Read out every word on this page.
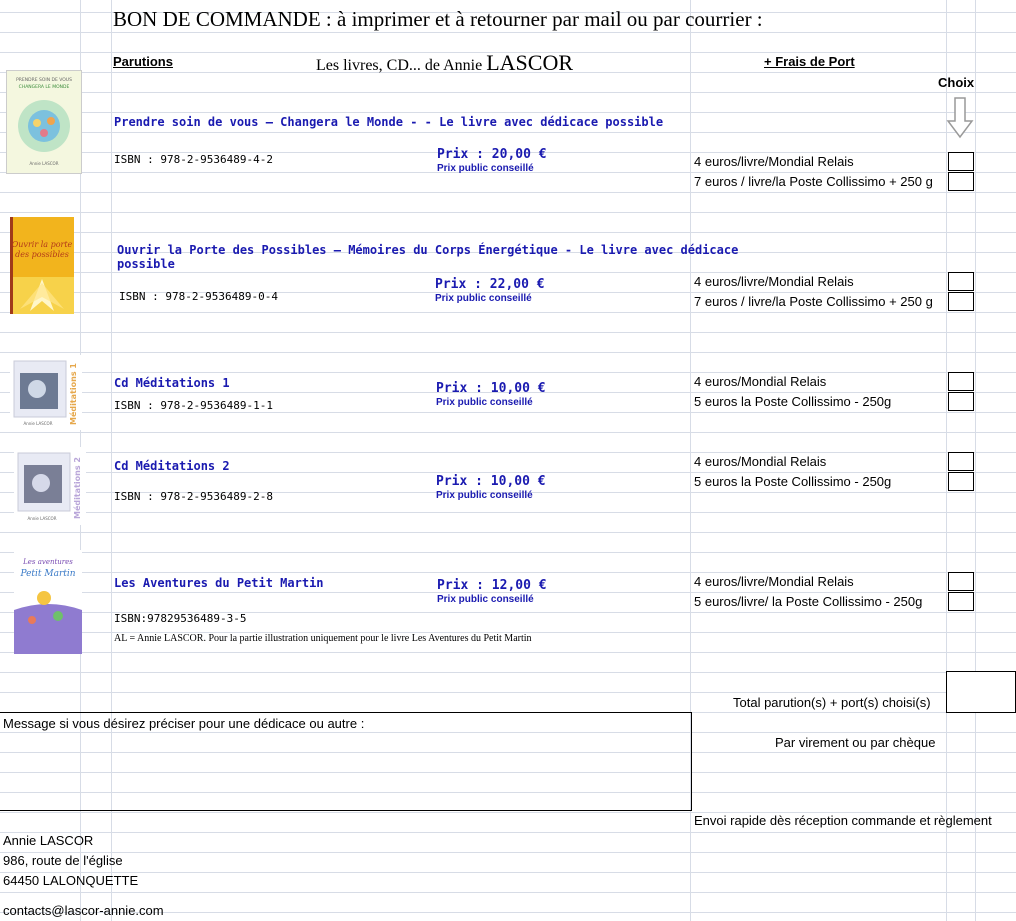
BON DE COMMANDE : à imprimer et à retourner par mail ou par courrier :
Parutions	Les livres, CD... de Annie LASCOR	+ Frais de Port
Choix
PRENDRE SOIN DE VOUS
CHANGERA LE MONDE
Annie LASCOR
Ouvrir la porte
des possibles
Méditations 1
Annie LASCOR
Méditations 2
Annie LASCOR
Les aventures
Petit Martin
Prendre soin de vous — Changera le Monde - - Le livre avec dédicace possible
ISBN : 978-2-9536489-4-2	Prix : 20,00 €
Prix public conseillé	4 euros/livre/Mondial Relais
7 euros / livre/la Poste Collissimo + 250 g
Ouvrir la Porte des Possibles — Mémoires du Corps Énergétique - Le livre avec dédicace
possible
ISBN : 978-2-9536489-0-4
Prix : 22,00 €
Prix public conseillé
4 euros/livre/Mondial Relais
7 euros / livre/la Poste Collissimo + 250 g
Cd Méditations 1
ISBN : 978-2-9536489-1-1
Prix : 10,00 €
Prix public conseillé
4 euros/Mondial Relais
5 euros la Poste Collissimo - 250g
Cd Méditations 2
ISBN : 978-2-9536489-2-8
Prix : 10,00 €
Prix public conseillé
4 euros/Mondial Relais
5 euros la Poste Collissimo - 250g
Les Aventures du Petit Martin
ISBN:97829536489-3-5
Prix : 12,00 €
Prix public conseillé
4 euros/livre/Mondial Relais
5 euros/livre/ la Poste Collissimo - 250g
AL = Annie LASCOR. Pour la partie illustration uniquement pour le livre Les Aventures du Petit Martin
Total parution(s) + port(s) choisi(s)
Message si vous désirez préciser pour une dédicace ou autre :
Par virement ou par chèque
Envoi rapide dès réception commande et règlement
Annie LASCOR
986, route de l'église
64450 LALONQUETTE
contacts@lascor-annie.com
